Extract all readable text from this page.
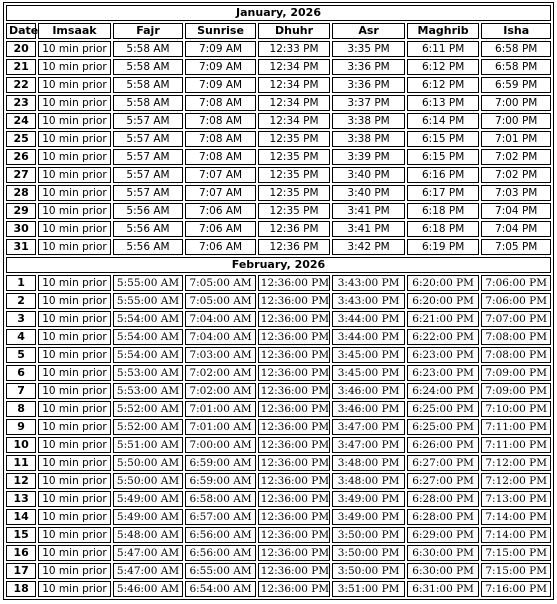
January, 2026							
Date	Imsaak	Fajr	Sunrise	Dhuhr	Asr	Maghrib	Isha
20	10 min prior	5:58 AM	7:09 AM	12:33 PM	3:35 PM	6:11 PM	6:58 PM
21	10 min prior	5:58 AM	7:09 AM	12:34 PM	3:36 PM	6:12 PM	6:58 PM
22	10 min prior	5:58 AM	7:09 AM	12:34 PM	3:36 PM	6:12 PM	6:59 PM
23	10 min prior	5:58 AM	7:08 AM	12:34 PM	3:37 PM	6:13 PM	7:00 PM
24	10 min prior	5:57 AM	7:08 AM	12:34 PM	3:38 PM	6:14 PM	7:00 PM
25	10 min prior	5:57 AM	7:08 AM	12:35 PM	3:38 PM	6:15 PM	7:01 PM
26	10 min prior	5:57 AM	7:08 AM	12:35 PM	3:39 PM	6:15 PM	7:02 PM
27	10 min prior	5:57 AM	7:07 AM	12:35 PM	3:40 PM	6:16 PM	7:02 PM
28	10 min prior	5:57 AM	7:07 AM	12:35 PM	3:40 PM	6:17 PM	7:03 PM
29	10 min prior	5:56 AM	7:06 AM	12:35 PM	3:41 PM	6:18 PM	7:04 PM
30	10 min prior	5:56 AM	7:06 AM	12:36 PM	3:41 PM	6:18 PM	7:04 PM
31	10 min prior	5:56 AM	7:06 AM	12:36 PM	3:42 PM	6:19 PM	7:05 PM
February, 2026							
1	10 min prior	5:55:00 AM	7:05:00 AM	12:36:00 PM	3:43:00 PM	6:20:00 PM	7:06:00 PM
2	10 min prior	5:55:00 AM	7:05:00 AM	12:36:00 PM	3:43:00 PM	6:20:00 PM	7:06:00 PM
3	10 min prior	5:54:00 AM	7:04:00 AM	12:36:00 PM	3:44:00 PM	6:21:00 PM	7:07:00 PM
4	10 min prior	5:54:00 AM	7:04:00 AM	12:36:00 PM	3:44:00 PM	6:22:00 PM	7:08:00 PM
5	10 min prior	5:54:00 AM	7:03:00 AM	12:36:00 PM	3:45:00 PM	6:23:00 PM	7:08:00 PM
6	10 min prior	5:53:00 AM	7:02:00 AM	12:36:00 PM	3:45:00 PM	6:23:00 PM	7:09:00 PM
7	10 min prior	5:53:00 AM	7:02:00 AM	12:36:00 PM	3:46:00 PM	6:24:00 PM	7:09:00 PM
8	10 min prior	5:52:00 AM	7:01:00 AM	12:36:00 PM	3:46:00 PM	6:25:00 PM	7:10:00 PM
9	10 min prior	5:52:00 AM	7:01:00 AM	12:36:00 PM	3:47:00 PM	6:25:00 PM	7:11:00 PM
10	10 min prior	5:51:00 AM	7:00:00 AM	12:36:00 PM	3:47:00 PM	6:26:00 PM	7:11:00 PM
11	10 min prior	5:50:00 AM	6:59:00 AM	12:36:00 PM	3:48:00 PM	6:27:00 PM	7:12:00 PM
12	10 min prior	5:50:00 AM	6:59:00 AM	12:36:00 PM	3:48:00 PM	6:27:00 PM	7:12:00 PM
13	10 min prior	5:49:00 AM	6:58:00 AM	12:36:00 PM	3:49:00 PM	6:28:00 PM	7:13:00 PM
14	10 min prior	5:49:00 AM	6:57:00 AM	12:36:00 PM	3:49:00 PM	6:28:00 PM	7:14:00 PM
15	10 min prior	5:48:00 AM	6:56:00 AM	12:36:00 PM	3:50:00 PM	6:29:00 PM	7:14:00 PM
16	10 min prior	5:47:00 AM	6:56:00 AM	12:36:00 PM	3:50:00 PM	6:30:00 PM	7:15:00 PM
17	10 min prior	5:47:00 AM	6:55:00 AM	12:36:00 PM	3:50:00 PM	6:30:00 PM	7:15:00 PM
18	10 min prior	5:46:00 AM	6:54:00 AM	12:36:00 PM	3:51:00 PM	6:31:00 PM	7:16:00 PM
